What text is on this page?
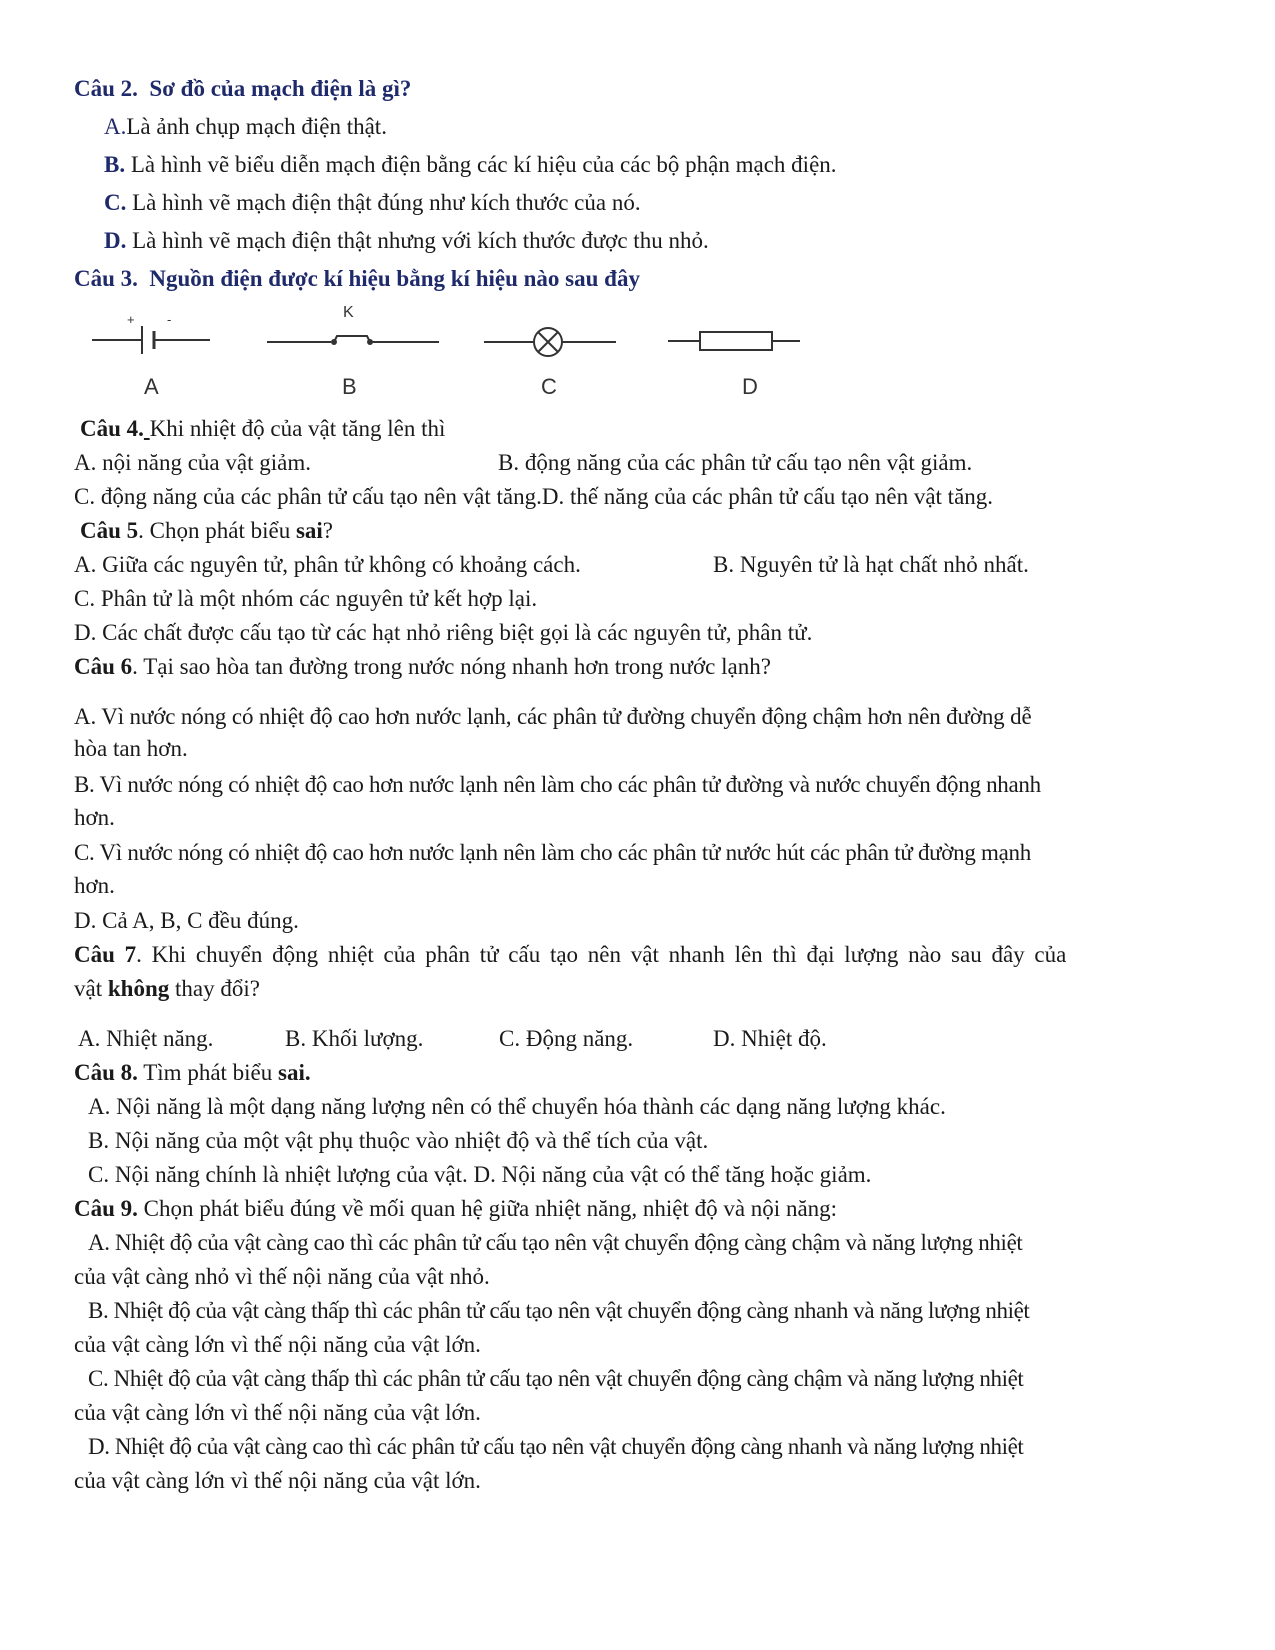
Câu 2. Sơ đồ của mạch điện là gì?
A.Là ảnh chụp mạch điện thật.
B. Là hình vẽ biểu diễn mạch điện bằng các kí hiệu của các bộ phận mạch điện.
C. Là hình vẽ mạch điện thật đúng như kích thước của nó.
D. Là hình vẽ mạch điện thật nhưng với kích thước được thu nhỏ.
Câu 3. Nguồn điện được kí hiệu bằng kí hiệu nào sau đây
+ -	K
A	B	C	D
Câu 4. Khi nhiệt độ của vật tăng lên thì
A. nội năng của vật giảm.	B. động năng của các phân tử cấu tạo nên vật giảm.
C. động năng của các phân tử cấu tạo nên vật tăng.D. thế năng của các phân tử cấu tạo nên vật tăng.
Câu 5. Chọn phát biểu sai?
A. Giữa các nguyên tử, phân tử không có khoảng cách.	B. Nguyên tử là hạt chất nhỏ nhất.
C. Phân tử là một nhóm các nguyên tử kết hợp lại.
D. Các chất được cấu tạo từ các hạt nhỏ riêng biệt gọi là các nguyên tử, phân tử.
Câu 6. Tại sao hòa tan đường trong nước nóng nhanh hơn trong nước lạnh?
A. Vì nước nóng có nhiệt độ cao hơn nước lạnh, các phân tử đường chuyển động chậm hơn nên đường dễ
hòa tan hơn.
B. Vì nước nóng có nhiệt độ cao hơn nước lạnh nên làm cho các phân tử đường và nước chuyển động nhanh
hơn.
C. Vì nước nóng có nhiệt độ cao hơn nước lạnh nên làm cho các phân tử nước hút các phân tử đường mạnh
hơn.
D. Cả A, B, C đều đúng.
Câu 7. Khi chuyển động nhiệt của phân tử cấu tạo nên vật nhanh lên thì đại lượng nào sau đây của
vật không thay đổi?
A. Nhiệt năng.	B. Khối lượng.	C. Động năng.	D. Nhiệt độ.
Câu 8. Tìm phát biểu sai.
A. Nội năng là một dạng năng lượng nên có thể chuyển hóa thành các dạng năng lượng khác.
B. Nội năng của một vật phụ thuộc vào nhiệt độ và thể tích của vật.
C. Nội năng chính là nhiệt lượng của vật. D. Nội năng của vật có thể tăng hoặc giảm.
Câu 9. Chọn phát biểu đúng về mối quan hệ giữa nhiệt năng, nhiệt độ và nội năng:
A. Nhiệt độ của vật càng cao thì các phân tử cấu tạo nên vật chuyển động càng chậm và năng lượng nhiệt
của vật càng nhỏ vì thế nội năng của vật nhỏ.
B. Nhiệt độ của vật càng thấp thì các phân tử cấu tạo nên vật chuyển động càng nhanh và năng lượng nhiệt
của vật càng lớn vì thế nội năng của vật lớn.
C. Nhiệt độ của vật càng thấp thì các phân tử cấu tạo nên vật chuyển động càng chậm và năng lượng nhiệt
của vật càng lớn vì thế nội năng của vật lớn.
D. Nhiệt độ của vật càng cao thì các phân tử cấu tạo nên vật chuyển động càng nhanh và năng lượng nhiệt
của vật càng lớn vì thế nội năng của vật lớn.
